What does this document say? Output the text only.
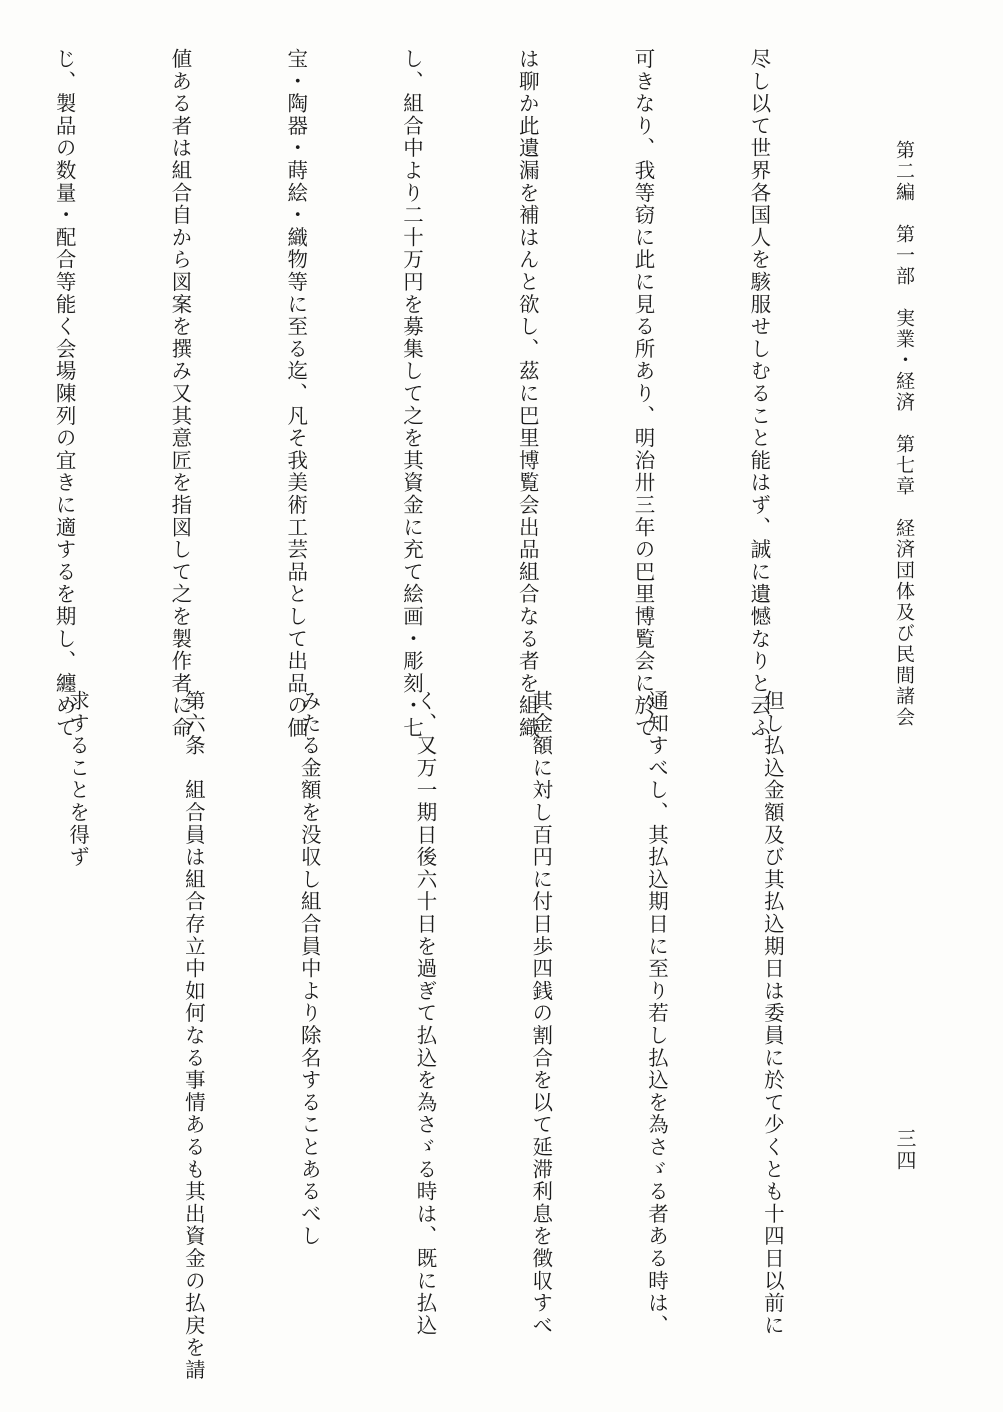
第二編　第一部　実業・経済　第七章　経済団体及び民間諸会
三四

尽し以て世界各国人を駭服せしむること能はず、誠に遺憾なりと云ふ

可きなり、我等窃に此に見る所あり、明治卅三年の巴里博覧会に於て

は聊か此遺漏を補はんと欲し、茲に巴里博覧会出品組合なる者を組織

し、組合中より二十万円を募集して之を其資金に充て絵画・彫刻・七

宝・陶器・蒔絵・織物等に至る迄、凡そ我美術工芸品として出品の価

値ある者は組合自から図案を撰み又其意匠を指図して之を製作者に命

じ、製品の数量・配合等能く会場陳列の宜きに適するを期し、纏めて

但し払込金額及び其払込期日は委員に於て少くとも十四日以前に

通知すべし、其払込期日に至り若し払込を為さゞる者ある時は、

其金額に対し百円に付日歩四銭の割合を以て延滞利息を徴収すべ

く、又万一期日後六十日を過ぎて払込を為さゞる時は、既に払込

みたる金額を没収し組合員中より除名することあるべし

第六条　組合員は組合存立中如何なる事情あるも其出資金の払戻を請

求することを得ず
